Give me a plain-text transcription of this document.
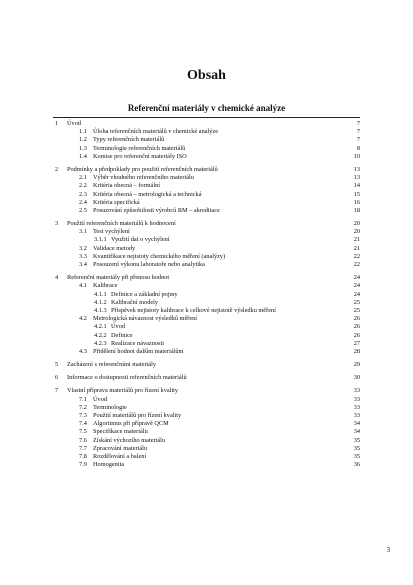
Obsah
Referenční materiály v chemické analýze
1 Úvod	7
1.1 Úloha referenčních materiálů v chemické analýze	7
1.2 Typy referenčních materiálů	7
1.3 Terminologie referenčních materiálů	8
1.4 Komise pro referenční materiály ISO	10
2 Podmínky a předpoklady pro použití referenčních materiálů	13
2.1 Výběr vhodného referenčního materiálu	13
2.2 Kritéria obecná – formální	14
2.3 Kritéria obecná – metrologická a technická	15
2.4 Kritéria specifická	16
2.5 Posuzování způsobilosti výrobců RM – akreditace	18
3 Použití referenčních materiálů k hodnocení	20
3.1 Test vychýlení	20
3.1.1 Využití dat o vychýlení	21
3.2 Validace metody	21
3.3 Kvantifikace nejistoty chemického měření (analýzy)	22
3.4 Posouzení výkonu laboratoře nebo analytika	22
4 Referenční materiály při přenosu hodnot	24
4.1 Kalibrace	24
4.1.1 Definice a základní pojmy	24
4.1.2 Kalibrační modely	25
4.1.3 Příspěvek nejistoty kalibrace k celkové nejistotě výsledku měření	25
4.2 Metrologická návaznost výsledků měření	26
4.2.1 Úvod	26
4.2.2 Definice	26
4.2.3 Realizace návaznosti	27
4.3 Přidělení hodnot dalším materiálům	28
5 Zacházení s referenčními materiály	29
6 Informace o dostupnosti referenčních materiálů	30
7 Vlastní příprava materiálů pro řízení kvality	33
7.1 Úvod	33
7.2 Terminologie	33
7.3 Použití materiálů pro řízení kvality	33
7.4 Algoritmus při přípravě QCM	34
7.5 Specifikace materiálu	34
7.6 Získání výchozího materiálu	35
7.7 Zpracování materiálu	35
7.8 Rozdělování a balení	35
7.9 Homogenita	36
3
